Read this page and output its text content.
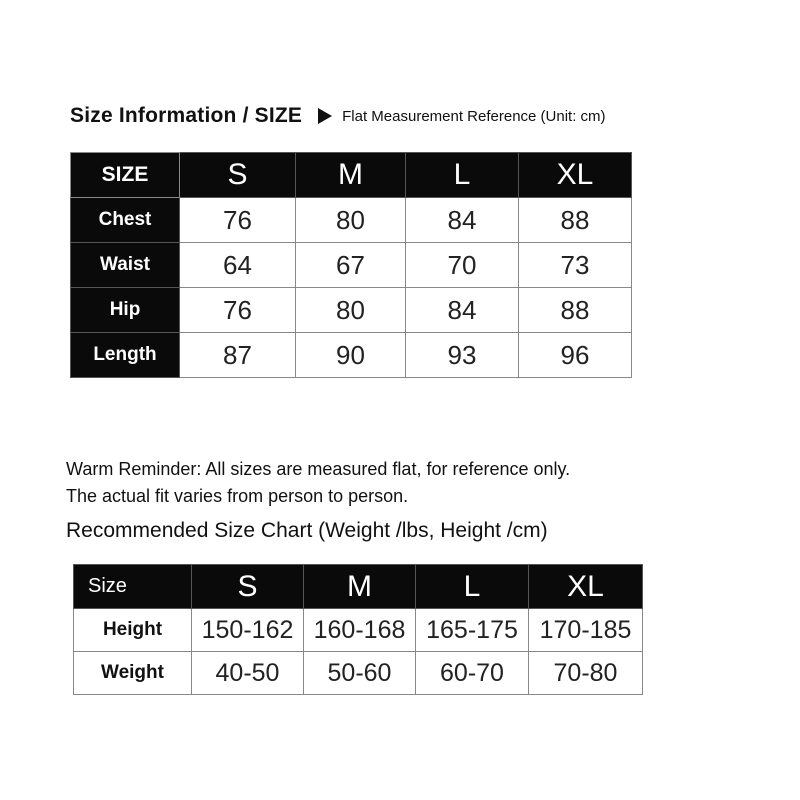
Size Information / SIZE	Flat Measurement Reference (Unit: cm)
SIZE	S	M	L	XL
Chest	76	80	84	88
Waist	64	67	70	73
Hip	76	80	84	88
Length	87	90	93	96
Warm Reminder: All sizes are measured flat, for reference only.
The actual fit varies from person to person.
Recommended Size Chart (Weight /lbs, Height /cm)
Size	S	M	L	XL
Height	150-162	160-168	165-175	170-185
Weight	40-50	50-60	60-70	70-80
